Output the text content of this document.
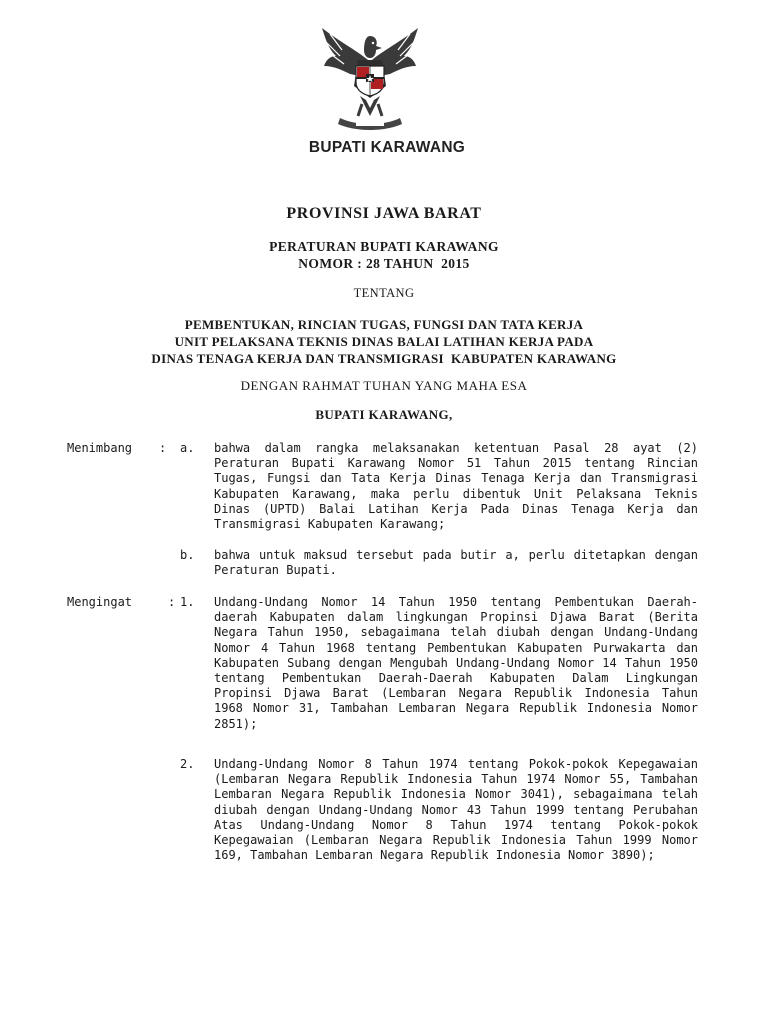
BUPATI KARAWANG
PROVINSI JAWA BARAT
PERATURAN BUPATI KARAWANG
NOMOR : 28 TAHUN  2015
TENTANG
PEMBENTUKAN, RINCIAN TUGAS, FUNGSI DAN TATA KERJA
UNIT PELAKSANA TEKNIS DINAS BALAI LATIHAN KERJA PADA
DINAS TENAGA KERJA DAN TRANSMIGRASI  KABUPATEN KARAWANG
DENGAN RAHMAT TUHAN YANG MAHA ESA
BUPATI KARAWANG,
Menimbang : a. bahwa dalam rangka melaksanakan ketentuan Pasal 28 ayat (2) Peraturan Bupati Karawang Nomor 51 Tahun 2015 tentang Rincian Tugas, Fungsi dan Tata Kerja Dinas Tenaga Kerja dan Transmigrasi Kabupaten Karawang, maka perlu dibentuk Unit Pelaksana Teknis Dinas (UPTD) Balai Latihan Kerja Pada Dinas Tenaga Kerja dan Transmigrasi Kabupaten Karawang;
b. bahwa untuk maksud tersebut pada butir a, perlu ditetapkan dengan Peraturan Bupati.
Mengingat	: 1. Undang-Undang Nomor 14 Tahun 1950 tentang Pembentukan Daerah-daerah Kabupaten dalam lingkungan Propinsi Djawa Barat (Berita Negara Tahun 1950, sebagaimana telah diubah dengan Undang-Undang Nomor 4 Tahun 1968 tentang Pembentukan Kabupaten Purwakarta dan Kabupaten Subang dengan Mengubah Undang-Undang Nomor 14 Tahun 1950 tentang Pembentukan Daerah-Daerah Kabupaten Dalam Lingkungan Propinsi Djawa Barat (Lembaran Negara Republik Indonesia Tahun 1968 Nomor 31, Tambahan Lembaran Negara Republik Indonesia Nomor 2851);
2. Undang-Undang Nomor 8 Tahun 1974 tentang Pokok-pokok Kepegawaian (Lembaran Negara Republik Indonesia Tahun 1974 Nomor 55, Tambahan Lembaran Negara Republik Indonesia Nomor 3041), sebagaimana telah diubah dengan Undang-Undang Nomor 43 Tahun 1999 tentang Perubahan Atas Undang-Undang Nomor 8 Tahun 1974 tentang Pokok-pokok Kepegawaian (Lembaran Negara Republik Indonesia Tahun 1999 Nomor 169, Tambahan Lembaran Negara Republik Indonesia Nomor 3890);
